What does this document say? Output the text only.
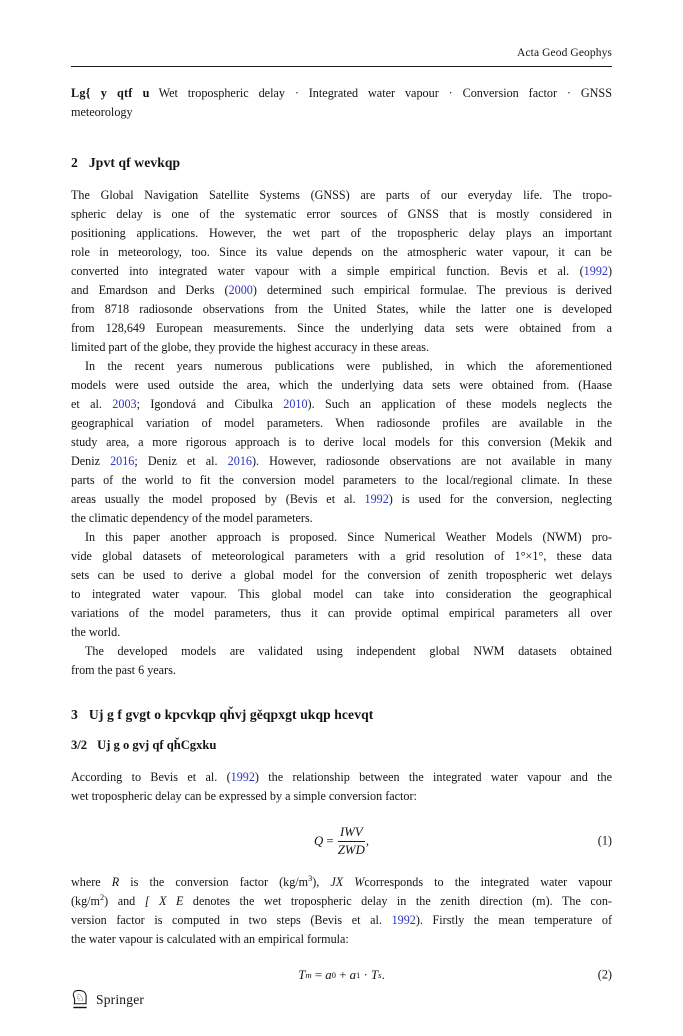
Acta Geod Geophys
Lg{ y qtf u Wet tropospheric delay · Integrated water vapour · Conversion factor · GNSS
meteorology
2 Jpvt qf wevkqp
The Global Navigation Satellite Systems (GNSS) are parts of our everyday life. The tropo-
spheric delay is one of the systematic error sources of GNSS that is mostly considered in
positioning applications. However, the wet part of the tropospheric delay plays an important
role in meteorology, too. Since its value depends on the atmospheric water vapour, it can be
converted into integrated water vapour with a simple empirical function. Bevis et al. (1992)
and Emardson and Derks (2000) determined such empirical formulae. The previous is derived
from 8718 radiosonde observations from the United States, while the latter one is developed
from 128,649 European measurements. Since the underlying data sets were obtained from a
limited part of the globe, they provide the highest accuracy in these areas.
In the recent years numerous publications were published, in which the aforementioned
models were used outside the area, which the underlying data sets were obtained from. (Haase
et al. 2003; Igondová and Cibulka 2010). Such an application of these models neglects the
geographical variation of model parameters. When radiosonde profiles are available in the
study area, a more rigorous approach is to derive local models for this conversion (Mekik and
Deniz 2016; Deniz et al. 2016). However, radiosonde observations are not available in many
parts of the world to fit the conversion model parameters to the local/regional climate. In these
areas usually the model proposed by (Bevis et al. 1992) is used for the conversion, neglecting
the climatic dependency of the model parameters.
In this paper another approach is proposed. Since Numerical Weather Models (NWM) pro-
vide global datasets of meteorological parameters with a grid resolution of 1°×1°, these data
sets can be used to derive a global model for the conversion of zenith tropospheric wet delays
to integrated water vapour. This global model can take into consideration the geographical
variations of the model parameters, thus it can provide optimal empirical parameters all over
the world.
The developed models are validated using independent global NWM datasets obtained
from the past 6 years.
3 Uj g f gvgt o kpcvkqp qȟvj gěqpxgt ukqp hcevqt
3/2 Uj g o gvj qf qȟCgxku
According to Bevis et al. (1992) the relationship between the integrated water vapour and the
wet tropospheric delay can be expressed by a simple conversion factor:
$Q = \frac{\text{IWV}}{\text{ZWD}}$ ,	(1)
where R is the conversion factor $(kg/m^3)$, JX Wcorresponds to the integrated water vapour
$(kg/m^2)$ and [ X E denotes the wet tropospheric delay in the zenith direction (m). The con-
version factor is computed in two steps (Bevis et al. 1992). Firstly the mean temperature of
the water vapour is calculated with an empirical formula:
T m = a 0 + a 1 · T s .	(2)
♘ Springer
